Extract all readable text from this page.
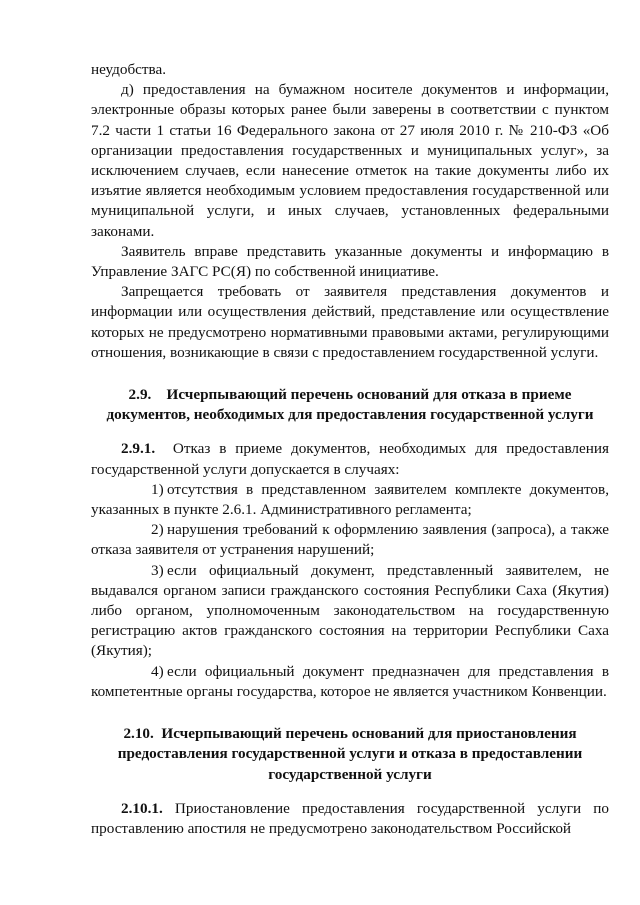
неудобства.

д) предоставления на бумажном носителе документов и информации, электронные образы которых ранее были заверены в соответствии с пунктом 7.2 части 1 статьи 16 Федерального закона от 27 июля 2010 г. № 210-ФЗ «Об организации предоставления государственных и муниципальных услуг», за исключением случаев, если нанесение отметок на такие документы либо их изъятие является необходимым условием предоставления государственной или муниципальной услуги, и иных случаев, установленных федеральными законами.

Заявитель вправе представить указанные документы и информацию в Управление ЗАГС РС(Я) по собственной инициативе.

Запрещается требовать от заявителя представления документов и информации или осуществления действий, представление или осуществление которых не предусмотрено нормативными правовыми актами, регулирующими отношения, возникающие в связи с предоставлением государственной услуги.

2.9.    Исчерпывающий перечень оснований для отказа в приеме

документов, необходимых для предоставления государственной услуги

2.9.1. Отказ в приеме документов, необходимых для предоставления государственной услуги допускается в случаях:

1) отсутствия в представленном заявителем комплекте документов, указанных в пункте 2.6.1. Административного регламента;

2) нарушения требований к оформлению заявления (запроса), а также отказа заявителя от устранения нарушений;

3) если официальный документ, представленный заявителем, не выдавался органом записи гражданского состояния Республики Саха (Якутия) либо органом, уполномоченным законодательством на государственную регистрацию актов гражданского состояния на территории Республики Саха (Якутия);

4) если официальный документ предназначен для представления в компетентные органы государства, которое не является участником Конвенции.

2.10.  Исчерпывающий перечень оснований для приостановления

предоставления государственной услуги и отказа в предоставлении

государственной услуги

2.10.1. Приостановление предоставления государственной услуги по проставлению апостиля не предусмотрено законодательством Российской
